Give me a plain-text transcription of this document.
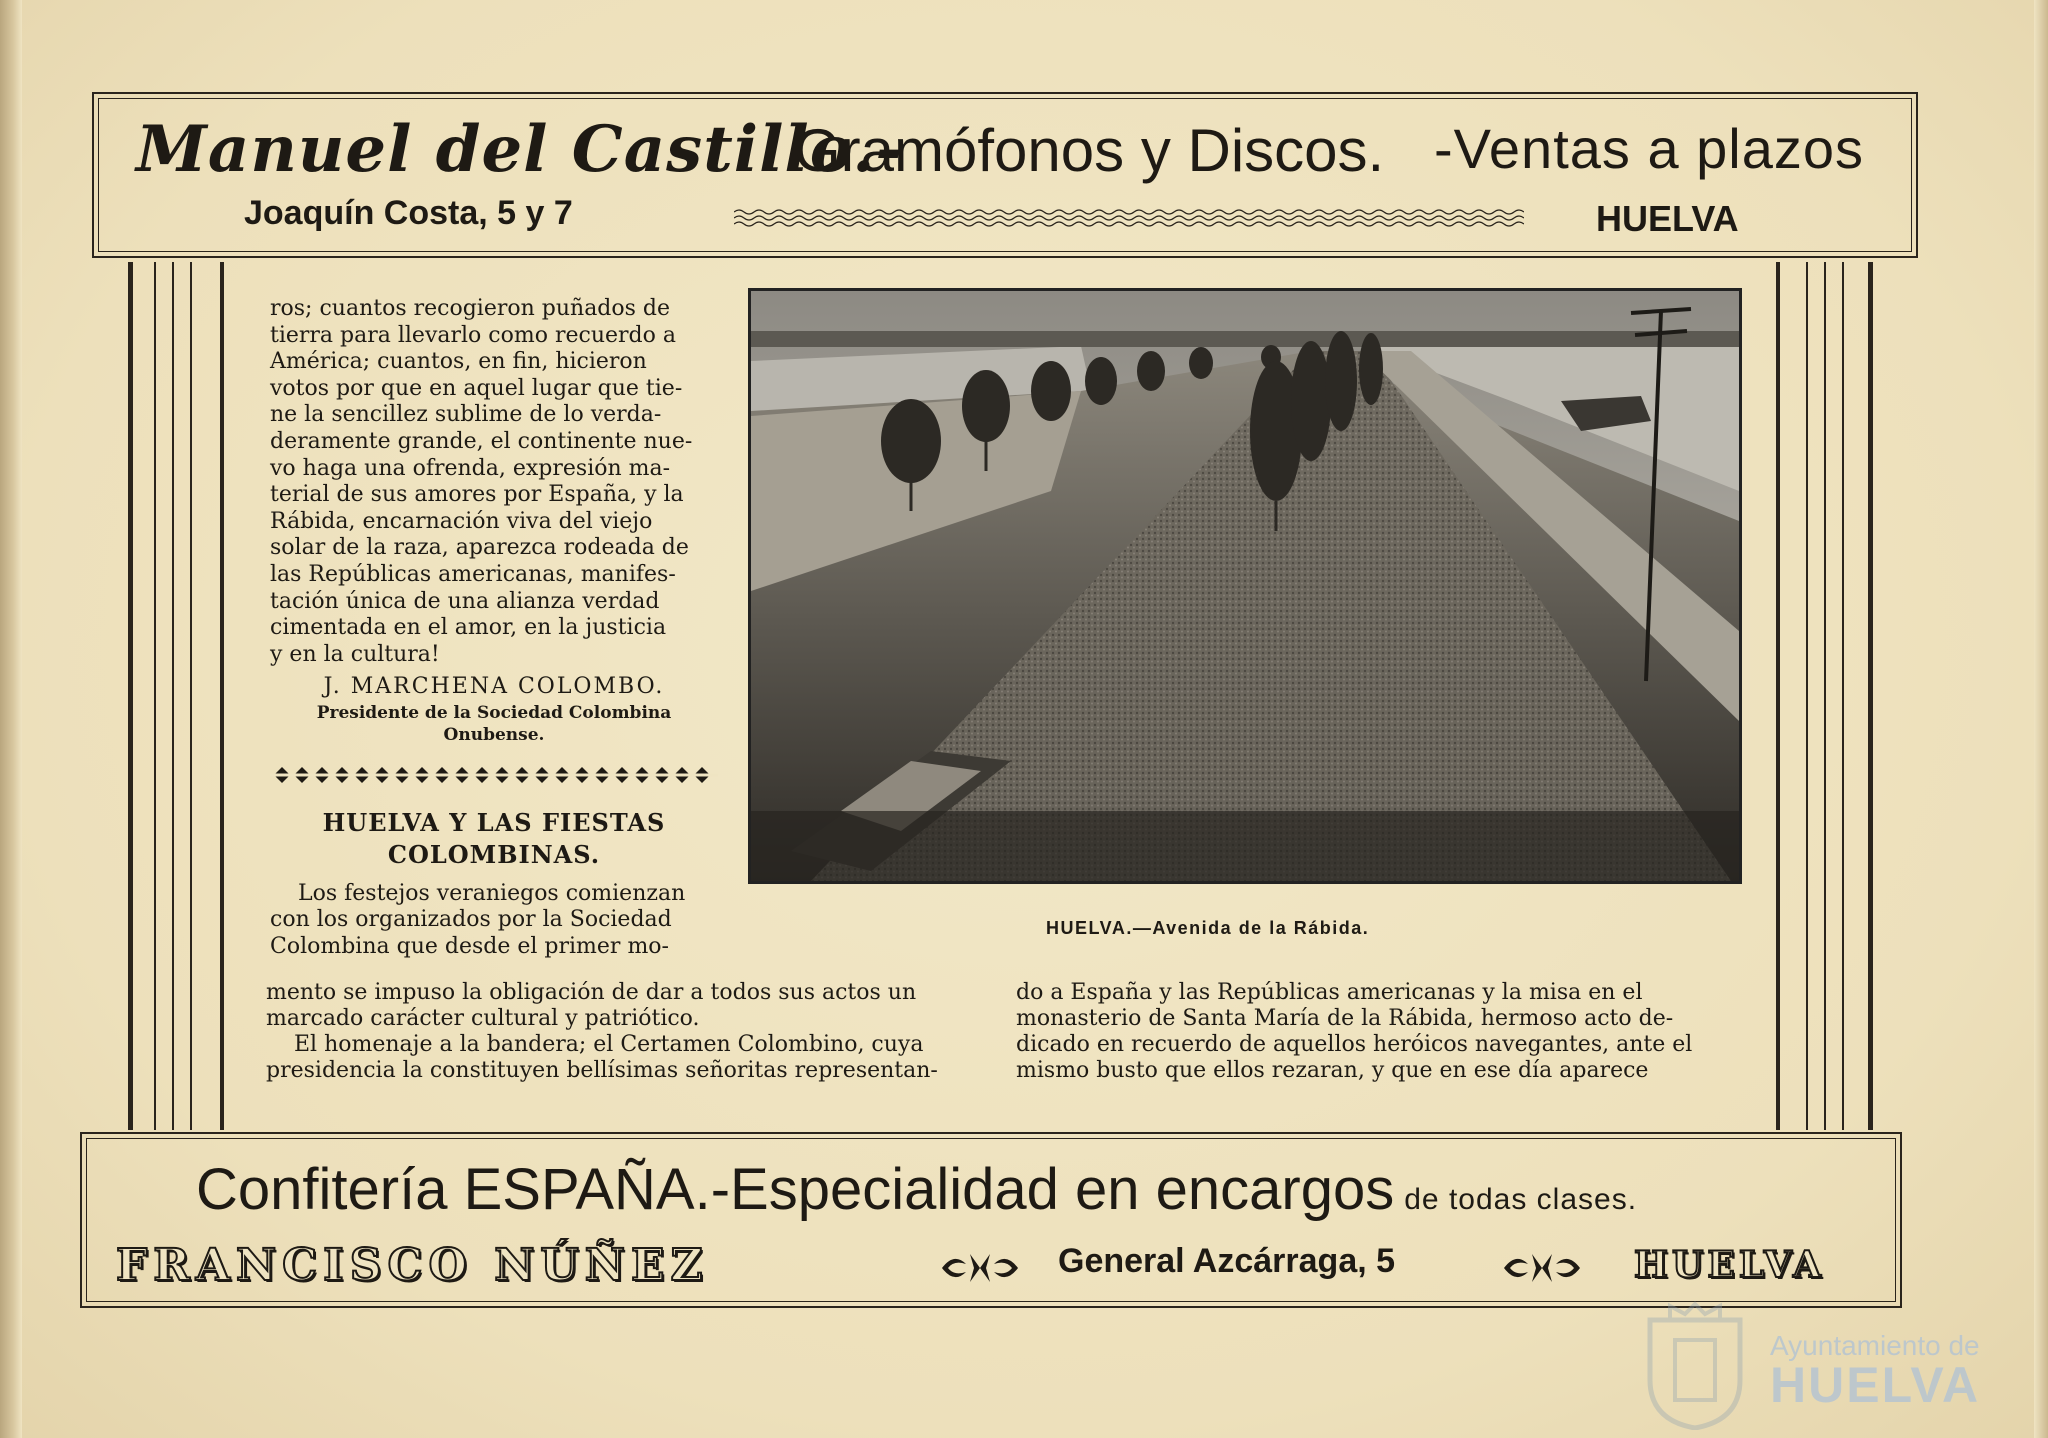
Manuel del Castillo.-
Gramófonos y Discos. -Ventas a plazos
Joaquín Costa, 5 y 7	HUELVA

ros; cuantos recogieron puñados de

tierra para llevarlo como recuerdo a

América; cuantos, en fin, hicieron

votos por que en aquel lugar que tie-

ne la sencillez sublime de lo verda-

deramente grande, el continente nue-

vo haga una ofrenda, expresión ma-

terial de sus amores por España, y la

Rábida, encarnación viva del viejo

solar de la raza, aparezca rodeada de

las Repúblicas americanas, manifes-

tación única de una alianza verdad

cimentada en el amor, en la justicia

y en la cultura!

J. MARCHENA COLOMBO.
Presidente de la Sociedad Colombina
Onubense.
HUELVA Y LAS FIESTAS
COLOMBINAS.

Los festejos veraniegos comienzan

con los organizados por la Sociedad

Colombina que desde el primer mo-

HUELVA.—Avenida de la Rábida.
mento se impuso la obligación de dar a todos sus actos un
marcado carácter cultural y patriótico.
El homenaje a la bandera; el Certamen Colombino, cuya
presidencia la constituyen bellísimas señoritas representan-
do a España y las Repúblicas americanas y la misa en el
monasterio de Santa María de la Rábida, hermoso acto de-
dicado en recuerdo de aquellos heróicos navegantes, ante el
mismo busto que ellos rezaran, y que en ese día aparece
Confitería ESPAÑA.-Especialidad en encargos de todas clases.
FRANCISCO NÚÑEZ	General Azcárraga, 5	HUELVA
Ayuntamiento de
HUELVA
